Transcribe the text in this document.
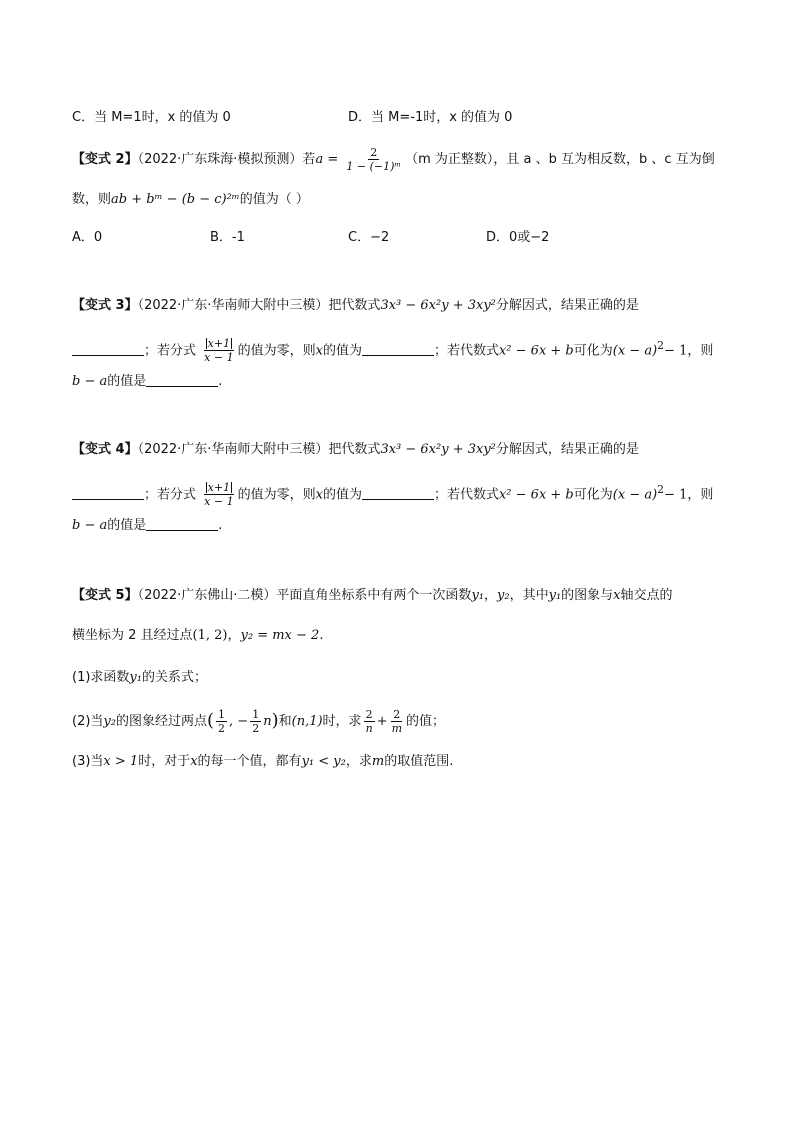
C．当 M=1时，x 的值为 0	D．当 M=-1时，x 的值为 0
【变式 2】（2022·广东珠海·模拟预测）若$a = \frac{2}{\text{1 − (−1)ᵐ}} (m$ 为正整数），且 a 、b 互为相反数，b 、c 互为倒
数，则ab + bᵐ − (b − c)²ᵐ的值为（ ）
A．0	B．-1	C．−2	D．0或−2
【变式 3】（2022·广东·华南师大附中三模）把代数式3x³ − 6x²y + 3xy²分解因式，结果正确的是
；若分式 $\frac{x+1}{x - 1}$ 的值为零，则x的值为	；若代数式x² − 6x + b可化为$(x - a)^2- 1$，则
b − a的值是	.
【变式 4】（2022·广东·华南师大附中三模）把代数式3x³ − 6x²y + 3xy²分解因式，结果正确的是
；若分式 $\frac{x+1}{x - 1}$ 的值为零，则x的值为	；若代数式x² − 6x + b可化为$(x - a)^2- 1$，则
b − a的值是	.
【变式 5】（2022·广东佛山·二模）平面直角坐标系中有两个一次函数y₁，y₂，其中y₁的图象与x轴交点的
横坐标为 2 且经过点(1, 2)，y₂ = mx − 2.
(1)求函数y₁的关系式；
(2)当y₂的图象经过两点( $\frac{1}{2}$ , − $\frac{1}{2} n$)和(n,1)时，求 $\frac{2}{n} + \frac{2}{m}$ 的值；
(3)当x > 1时，对于x的每一个值，都有y₁ < y₂，求m的取值范围.
